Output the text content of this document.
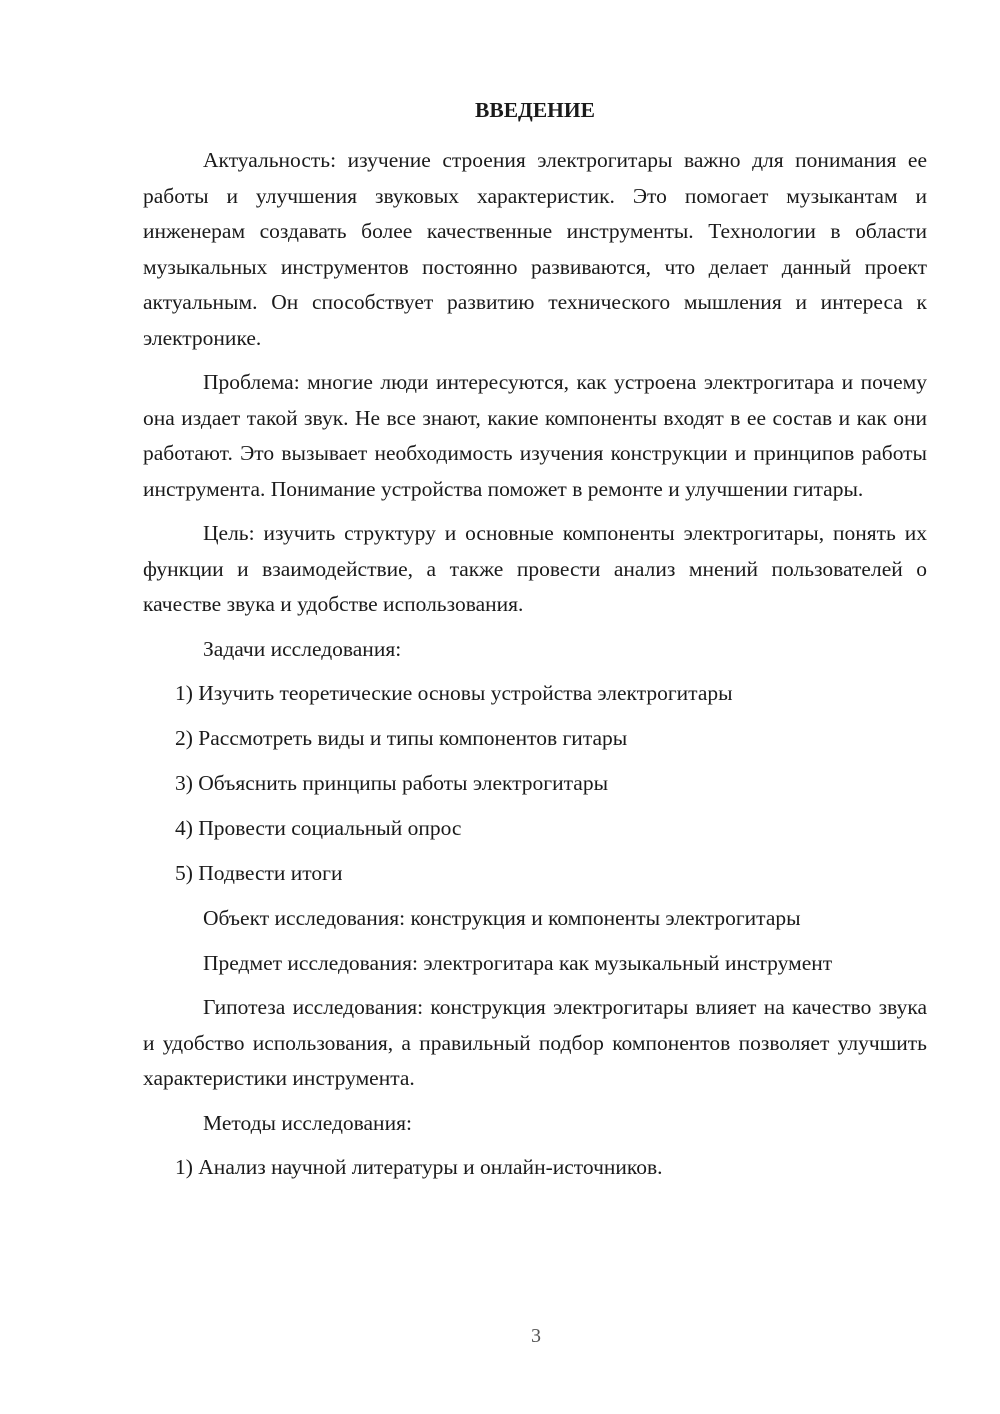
ВВЕДЕНИЕ

Актуальность: изучение строения электрогитары важно для понимания ее работы и улучшения звуковых характеристик. Это помогает музыкантам и инженерам создавать более качественные инструменты. Технологии в области музыкальных инструментов постоянно развиваются, что делает данный проект актуальным. Он способствует развитию технического мышления и интереса к электронике.

Проблема: многие люди интересуются, как устроена электрогитара и почему она издает такой звук. Не все знают, какие компоненты входят в ее состав и как они работают. Это вызывает необходимость изучения конструкции и принципов работы инструмента. Понимание устройства поможет в ремонте и улучшении гитары.

Цель: изучить структуру и основные компоненты электрогитары, понять их функции и взаимодействие, а также провести анализ мнений пользователей о качестве звука и удобстве использования.

Задачи исследования:

1) Изучить теоретические основы устройства электрогитары
2) Рассмотреть виды и типы компонентов гитары
3) Объяснить принципы работы электрогитары
4) Провести социальный опрос
5) Подвести итоги

Объект исследования: конструкция и компоненты электрогитары

Предмет исследования: электрогитара как музыкальный инструмент

Гипотеза исследования: конструкция электрогитары влияет на качество звука и удобство использования, а правильный подбор компонентов позволяет улучшить характеристики инструмента.

Методы исследования:

1) Анализ научной литературы и онлайн-источников.
3
